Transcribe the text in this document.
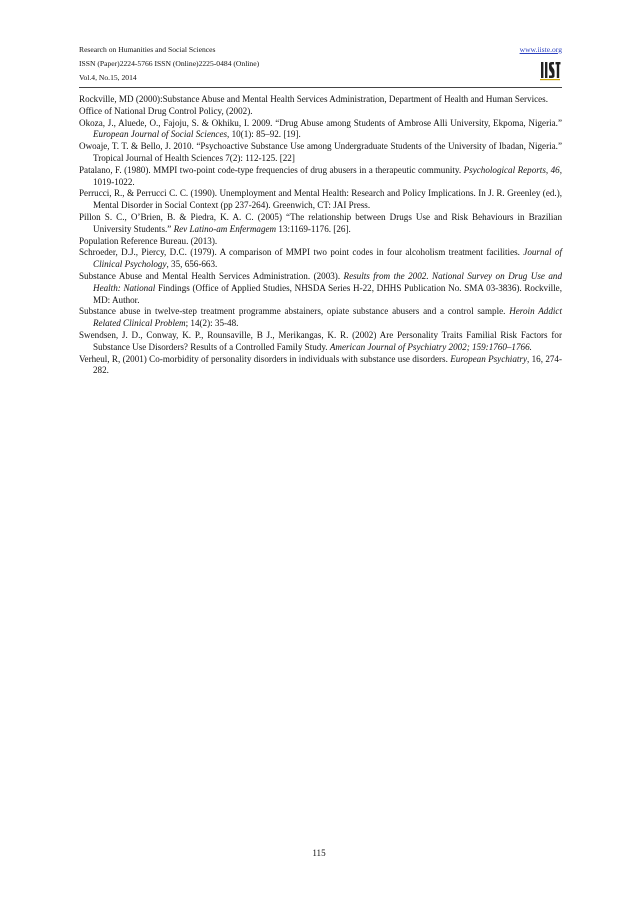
Research on Humanities and Social Sciences
ISSN (Paper)2224-5766 ISSN (Online)2225-0484 (Online)
Vol.4, No.15, 2014
www.iiste.org

Rockville, MD (2000):Substance Abuse and Mental Health Services Administration, Department of Health and Human Services.

Office of National Drug Control Policy, (2002).

Okoza, J., Aluede, O., Fajoju, S. & Okhiku, I. 2009. “Drug Abuse among Students of Ambrose Alli University, Ekpoma, Nigeria.” European Journal of Social Sciences, 10(1): 85–92. [19].

Owoaje, T. T. & Bello, J. 2010. “Psychoactive Substance Use among Undergraduate Students of the University of Ibadan, Nigeria.” Tropical Journal of Health Sciences 7(2): 112-125. [22]

Patalano, F. (1980). MMPI two-point code-type frequencies of drug abusers in a therapeutic community. Psychological Reports, 46, 1019-1022.

Perrucci, R., & Perrucci C. C. (1990). Unemployment and Mental Health: Research and Policy Implications. In J. R. Greenley (ed.), Mental Disorder in Social Context (pp 237-264). Greenwich, CT: JAI Press.

Pillon S. C., O’Brien, B. & Piedra, K. A. C. (2005) “The relationship between Drugs Use and Risk Behaviours in Brazilian University Students.” Rev Latino-am Enfermagem 13:1169-1176. [26].

Population Reference Bureau. (2013).

Schroeder, D.J., Piercy, D.C. (1979). A comparison of MMPI two point codes in four alcoholism treatment facilities. Journal of Clinical Psychology, 35, 656-663.

Substance Abuse and Mental Health Services Administration. (2003). Results from the 2002. National Survey on Drug Use and Health: National Findings (Office of Applied Studies, NHSDA Series H-22, DHHS Publication No. SMA 03-3836). Rockville, MD: Author.

Substance abuse in twelve-step treatment programme abstainers, opiate substance abusers and a control sample. Heroin Addict Related Clinical Problem; 14(2): 35-48.

Swendsen, J. D., Conway, K. P., Rounsaville, B J., Merikangas, K. R. (2002) Are Personality Traits Familial Risk Factors for Substance Use Disorders? Results of a Controlled Family Study. American Journal of Psychiatry 2002; 159:1760–1766.

Verheul, R, (2001) Co-morbidity of personality disorders in individuals with substance use disorders. European Psychiatry, 16, 274-282.

115
